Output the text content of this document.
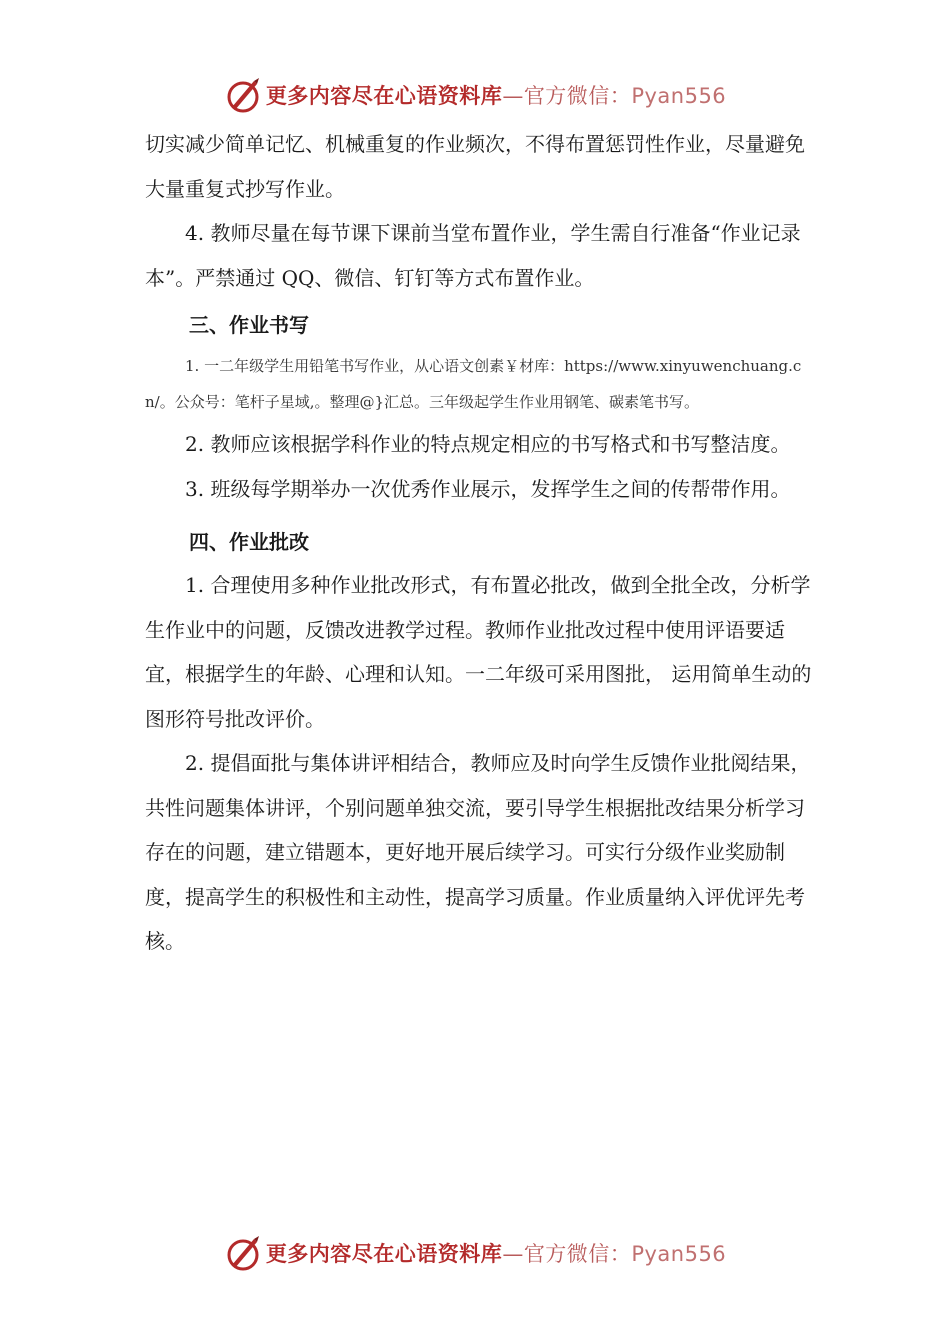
更多内容尽在心语资料库—官方微信：Pyan556

切实减少简单记忆、机械重复的作业频次，不得布置惩罚性作业，尽量避免大量重复式抄写作业。

4. 教师尽量在每节课下课前当堂布置作业，学生需自行准备“作业记录本”。严禁通过 QQ、微信、钉钉等方式布置作业。

三、作业书写

1. 一二年级学生用铅笔书写作业，从心语文创素￥材库：https://www.xinyuwenchuang.cn/。公众号：笔杆子星域,。整理@}汇总。三年级起学生作业用钢笔、碳素笔书写。

2. 教师应该根据学科作业的特点规定相应的书写格式和书写整洁度。

3. 班级每学期举办一次优秀作业展示，发挥学生之间的传帮带作用。

四、作业批改

1. 合理使用多种作业批改形式，有布置必批改，做到全批全改，分析学生作业中的问题，反馈改进教学过程。教师作业批改过程中使用评语要适宜，根据学生的年龄、心理和认知。一二年级可采用图批， 运用简单生动的图形符号批改评价。

2. 提倡面批与集体讲评相结合，教师应及时向学生反馈作业批阅结果，共性问题集体讲评，个别问题单独交流，要引导学生根据批改结果分析学习存在的问题，建立错题本，更好地开展后续学习。可实行分级作业奖励制度，提高学生的积极性和主动性，提高学习质量。作业质量纳入评优评先考核。

更多内容尽在心语资料库—官方微信：Pyan556
